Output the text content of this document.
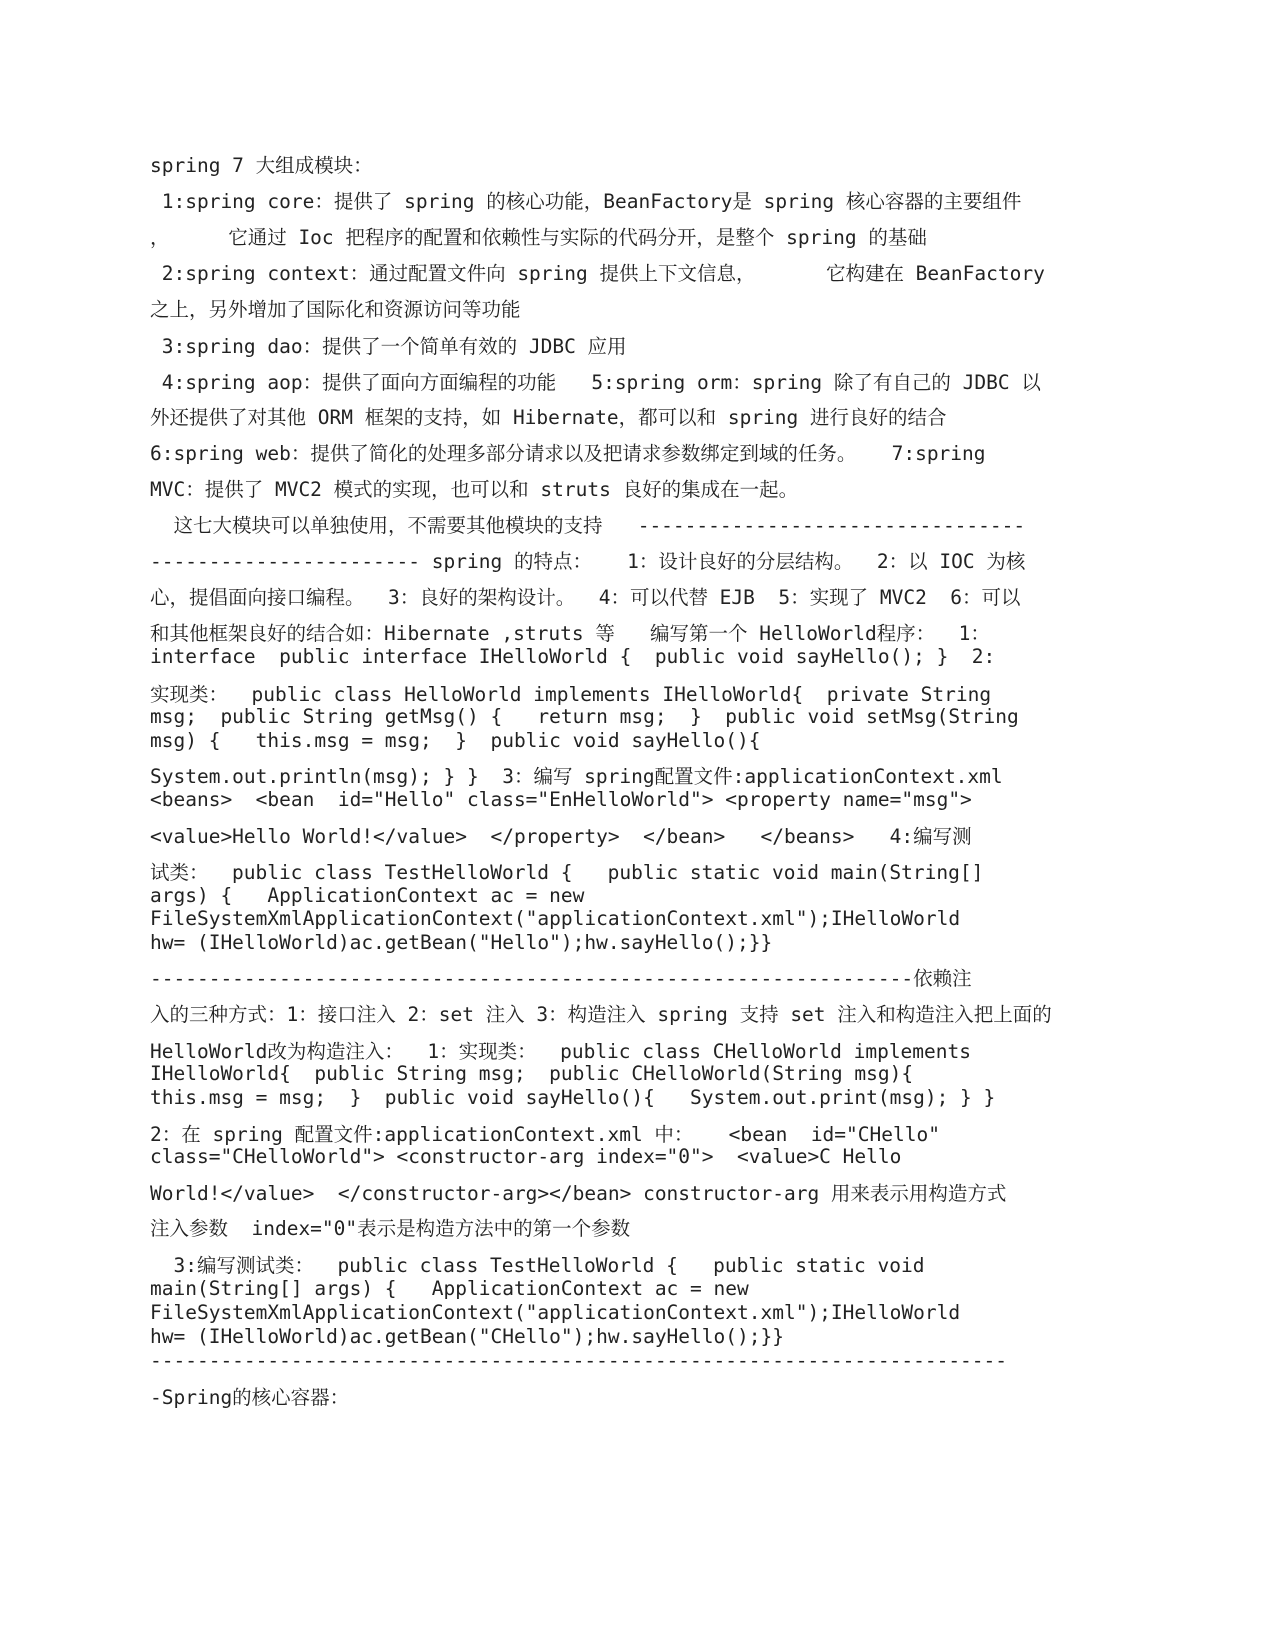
spring 7 大组成模块：
1:spring core：提供了 spring 的核心功能，BeanFactory是 spring 核心容器的主要组件
，     它通过 Ioc 把程序的配置和依赖性与实际的代码分开，是整个 spring 的基础
2:spring context：通过配置文件向 spring 提供上下文信息，      它构建在 BeanFactory
之上，另外增加了国际化和资源访问等功能
3:spring dao：提供了一个简单有效的 JDBC 应用
4:spring aop：提供了面向方面编程的功能   5:spring orm：spring 除了有自己的 JDBC 以
外还提供了对其他 ORM 框架的支持，如 Hibernate，都可以和 spring 进行良好的结合
6:spring web：提供了简化的处理多部分请求以及把请求参数绑定到域的任务。   7:spring
MVC：提供了 MVC2 模式的实现，也可以和 struts 良好的集成在一起。
这七大模块可以单独使用，不需要其他模块的支持   ---------------------------------
----------------------- spring 的特点：   1：设计良好的分层结构。  2：以 IOC 为核
心，提倡面向接口编程。  3：良好的架构设计。  4：可以代替 EJB  5：实现了 MVC2  6：可以
和其他框架良好的结合如：Hibernate ,struts 等   编写第一个 HelloWorld程序：  1：
interface  public interface IHelloWorld {  public void sayHello(); }  2:
实现类：  public class HelloWorld implements IHelloWorld{  private String
msg;  public String getMsg() {   return msg;  }  public void setMsg(String
msg) {   this.msg = msg;  }  public void sayHello(){
System.out.println(msg); } }  3：编写 spring配置文件:applicationContext.xml
<beans>  <bean  id="Hello" class="EnHelloWorld"> <property name="msg">
<value>Hello World!</value>  </property>  </bean>   </beans>   4:编写测
试类：  public class TestHelloWorld {   public static void main(String[]
args) {   ApplicationContext ac = new
FileSystemXmlApplicationContext("applicationContext.xml");IHelloWorld
hw= (IHelloWorld)ac.getBean("Hello");hw.sayHello();}}
-----------------------------------------------------------------依赖注
入的三种方式：1：接口注入 2：set 注入 3：构造注入 spring 支持 set 注入和构造注入把上面的
HelloWorld改为构造注入：  1：实现类：  public class CHelloWorld implements
IHelloWorld{  public String msg;  public CHelloWorld(String msg){
this.msg = msg;  }  public void sayHello(){   System.out.print(msg); } }
2：在 spring 配置文件:applicationContext.xml 中：   <bean  id="CHello"
class="CHelloWorld"> <constructor-arg index="0">  <value>C Hello
World!</value>  </constructor-arg></bean> constructor-arg 用来表示用构造方式
注入参数  index="0"表示是构造方法中的第一个参数
3:编写测试类：  public class TestHelloWorld {   public static void
main(String[] args) {   ApplicationContext ac = new
FileSystemXmlApplicationContext("applicationContext.xml");IHelloWorld
hw= (IHelloWorld)ac.getBean("CHello");hw.sayHello();}}
-------------------------------------------------------------------------
-Spring的核心容器：
